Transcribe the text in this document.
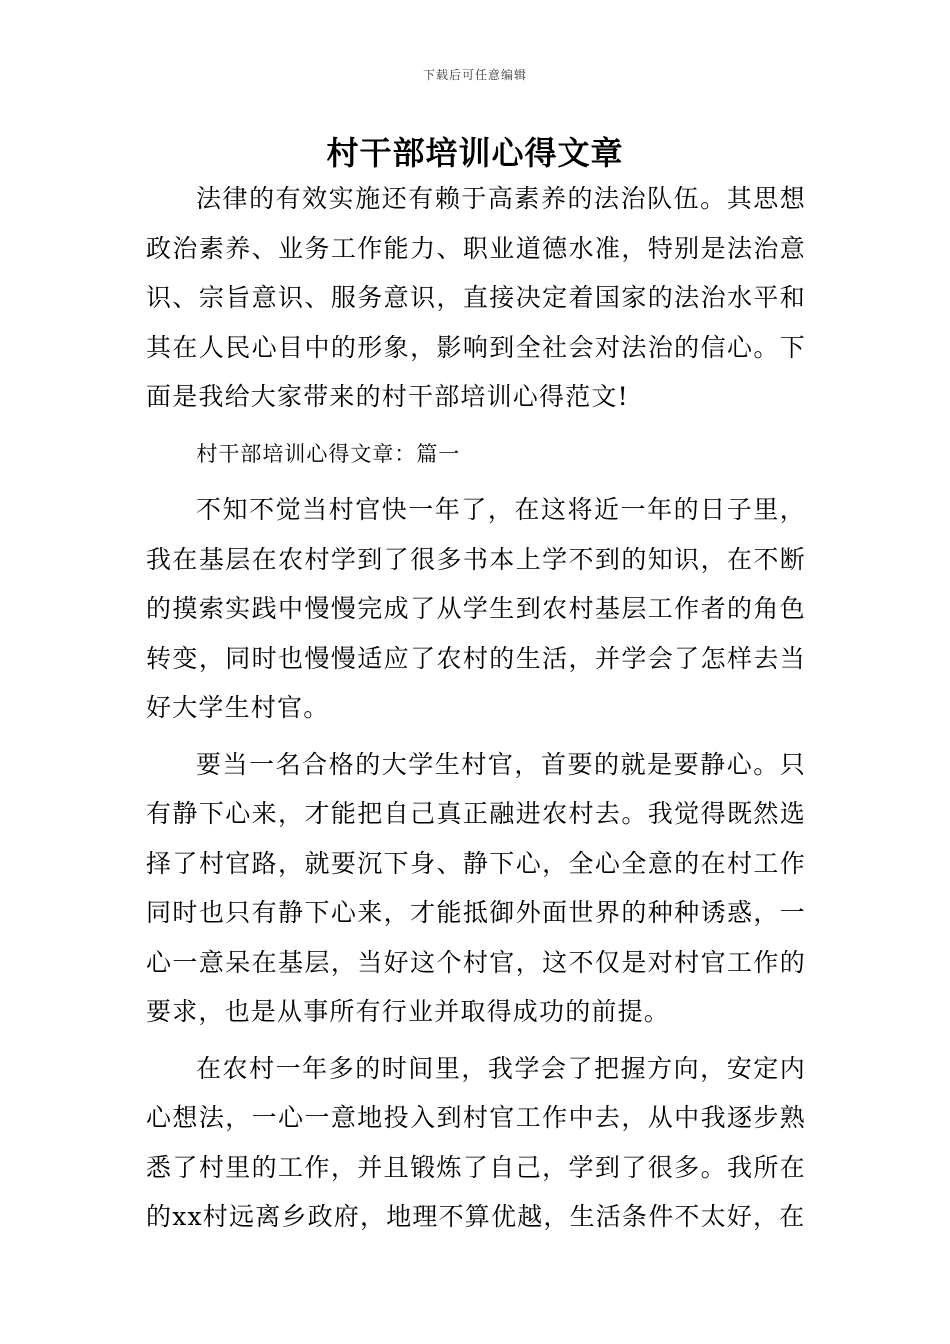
下载后可任意编辑
村干部培训心得文章

法律的有效实施还有赖于高素养的法治队伍。其思想政治素养、业务工作能力、职业道德水准，特别是法治意识、宗旨意识、服务意识，直接决定着国家的法治水平和其在人民心目中的形象，影响到全社会对法治的信心。下面是我给大家带来的村干部培训心得范文!

村干部培训心得文章：篇一

不知不觉当村官快一年了，在这将近一年的日子里，我在基层在农村学到了很多书本上学不到的知识，在不断的摸索实践中慢慢完成了从学生到农村基层工作者的角色转变，同时也慢慢适应了农村的生活，并学会了怎样去当好大学生村官。

要当一名合格的大学生村官，首要的就是要静心。只有静下心来，才能把自己真正融进农村去。我觉得既然选择了村官路，就要沉下身、静下心，全心全意的在村工作同时也只有静下心来，才能抵御外面世界的种种诱惑，一心一意呆在基层，当好这个村官，这不仅是对村官工作的要求，也是从事所有行业并取得成功的前提。

在农村一年多的时间里，我学会了把握方向，安定内心想法，一心一意地投入到村官工作中去，从中我逐步熟悉了村里的工作，并且锻炼了自己，学到了很多。我所在的xx村远离乡政府，地理不算优越，生活条件不太好，在
